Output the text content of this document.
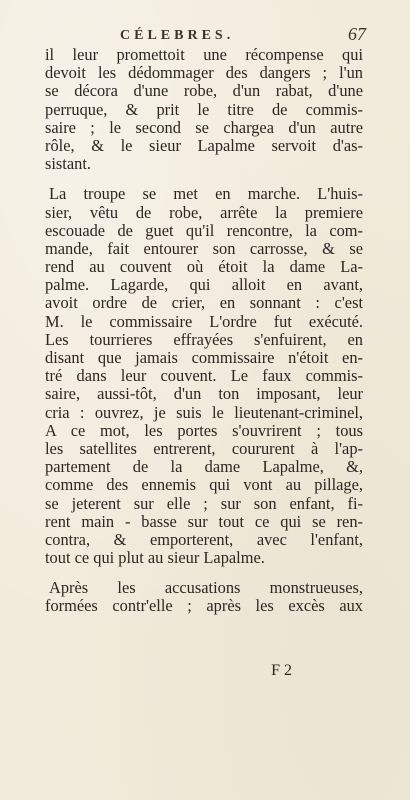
CÉLEBRES.	67
il leur promettoit une récompense qui
devoit les dédommager des dangers ; l'un
se décora d'une robe, d'un rabat, d'une
perruque, & prit le titre de commis-
saire ; le second se chargea d'un autre
rôle, & le sieur Lapalme servoit d'as-
sistant.
La troupe se met en marche. L'huis-
sier, vêtu de robe, arrête la premiere
escouade de guet qu'il rencontre, la com-
mande, fait entourer son carrosse, & se
rend au couvent où étoit la dame La-
palme. Lagarde, qui alloit en avant,
avoit ordre de crier, en sonnant : c'est
M. le commissaire L'ordre fut exécuté.
Les tourrieres effrayées s'enfuirent, en
disant que jamais commissaire n'étoit en-
tré dans leur couvent. Le faux commis-
saire, aussi-tôt, d'un ton imposant, leur
cria : ouvrez, je suis le lieutenant-criminel,
A ce mot, les portes s'ouvrirent ; tous
les satellites entrerent, coururent à l'ap-
partement de la dame Lapalme, &,
comme des ennemis qui vont au pillage,
se jeterent sur elle ; sur son enfant, fi-
rent main - basse sur tout ce qui se ren-
contra, & emporterent, avec l'enfant,
tout ce qui plut au sieur Lapalme.
Après les accusations monstrueuses,
formées contr'elle ; après les excès aux
F 2
